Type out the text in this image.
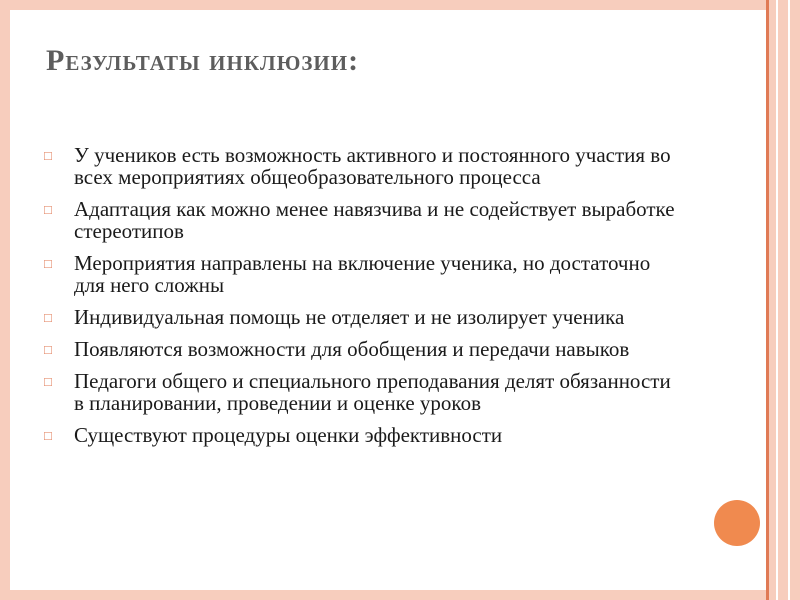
Результаты инклюзии:
□ У учеников есть возможность активного и постоянного участия во всех мероприятиях общеобразовательного процесса
□ Адаптация как можно менее навязчива и не содействует выработке стереотипов
□ Мероприятия направлены на включение ученика, но достаточно для него сложны
□ Индивидуальная помощь не отделяет и не изолирует ученика
□ Появляются возможности для обобщения и передачи навыков
□ Педагоги общего и специального преподавания делят обязанности в планировании, проведении и оценке уроков
□ Существуют процедуры оценки эффективности
